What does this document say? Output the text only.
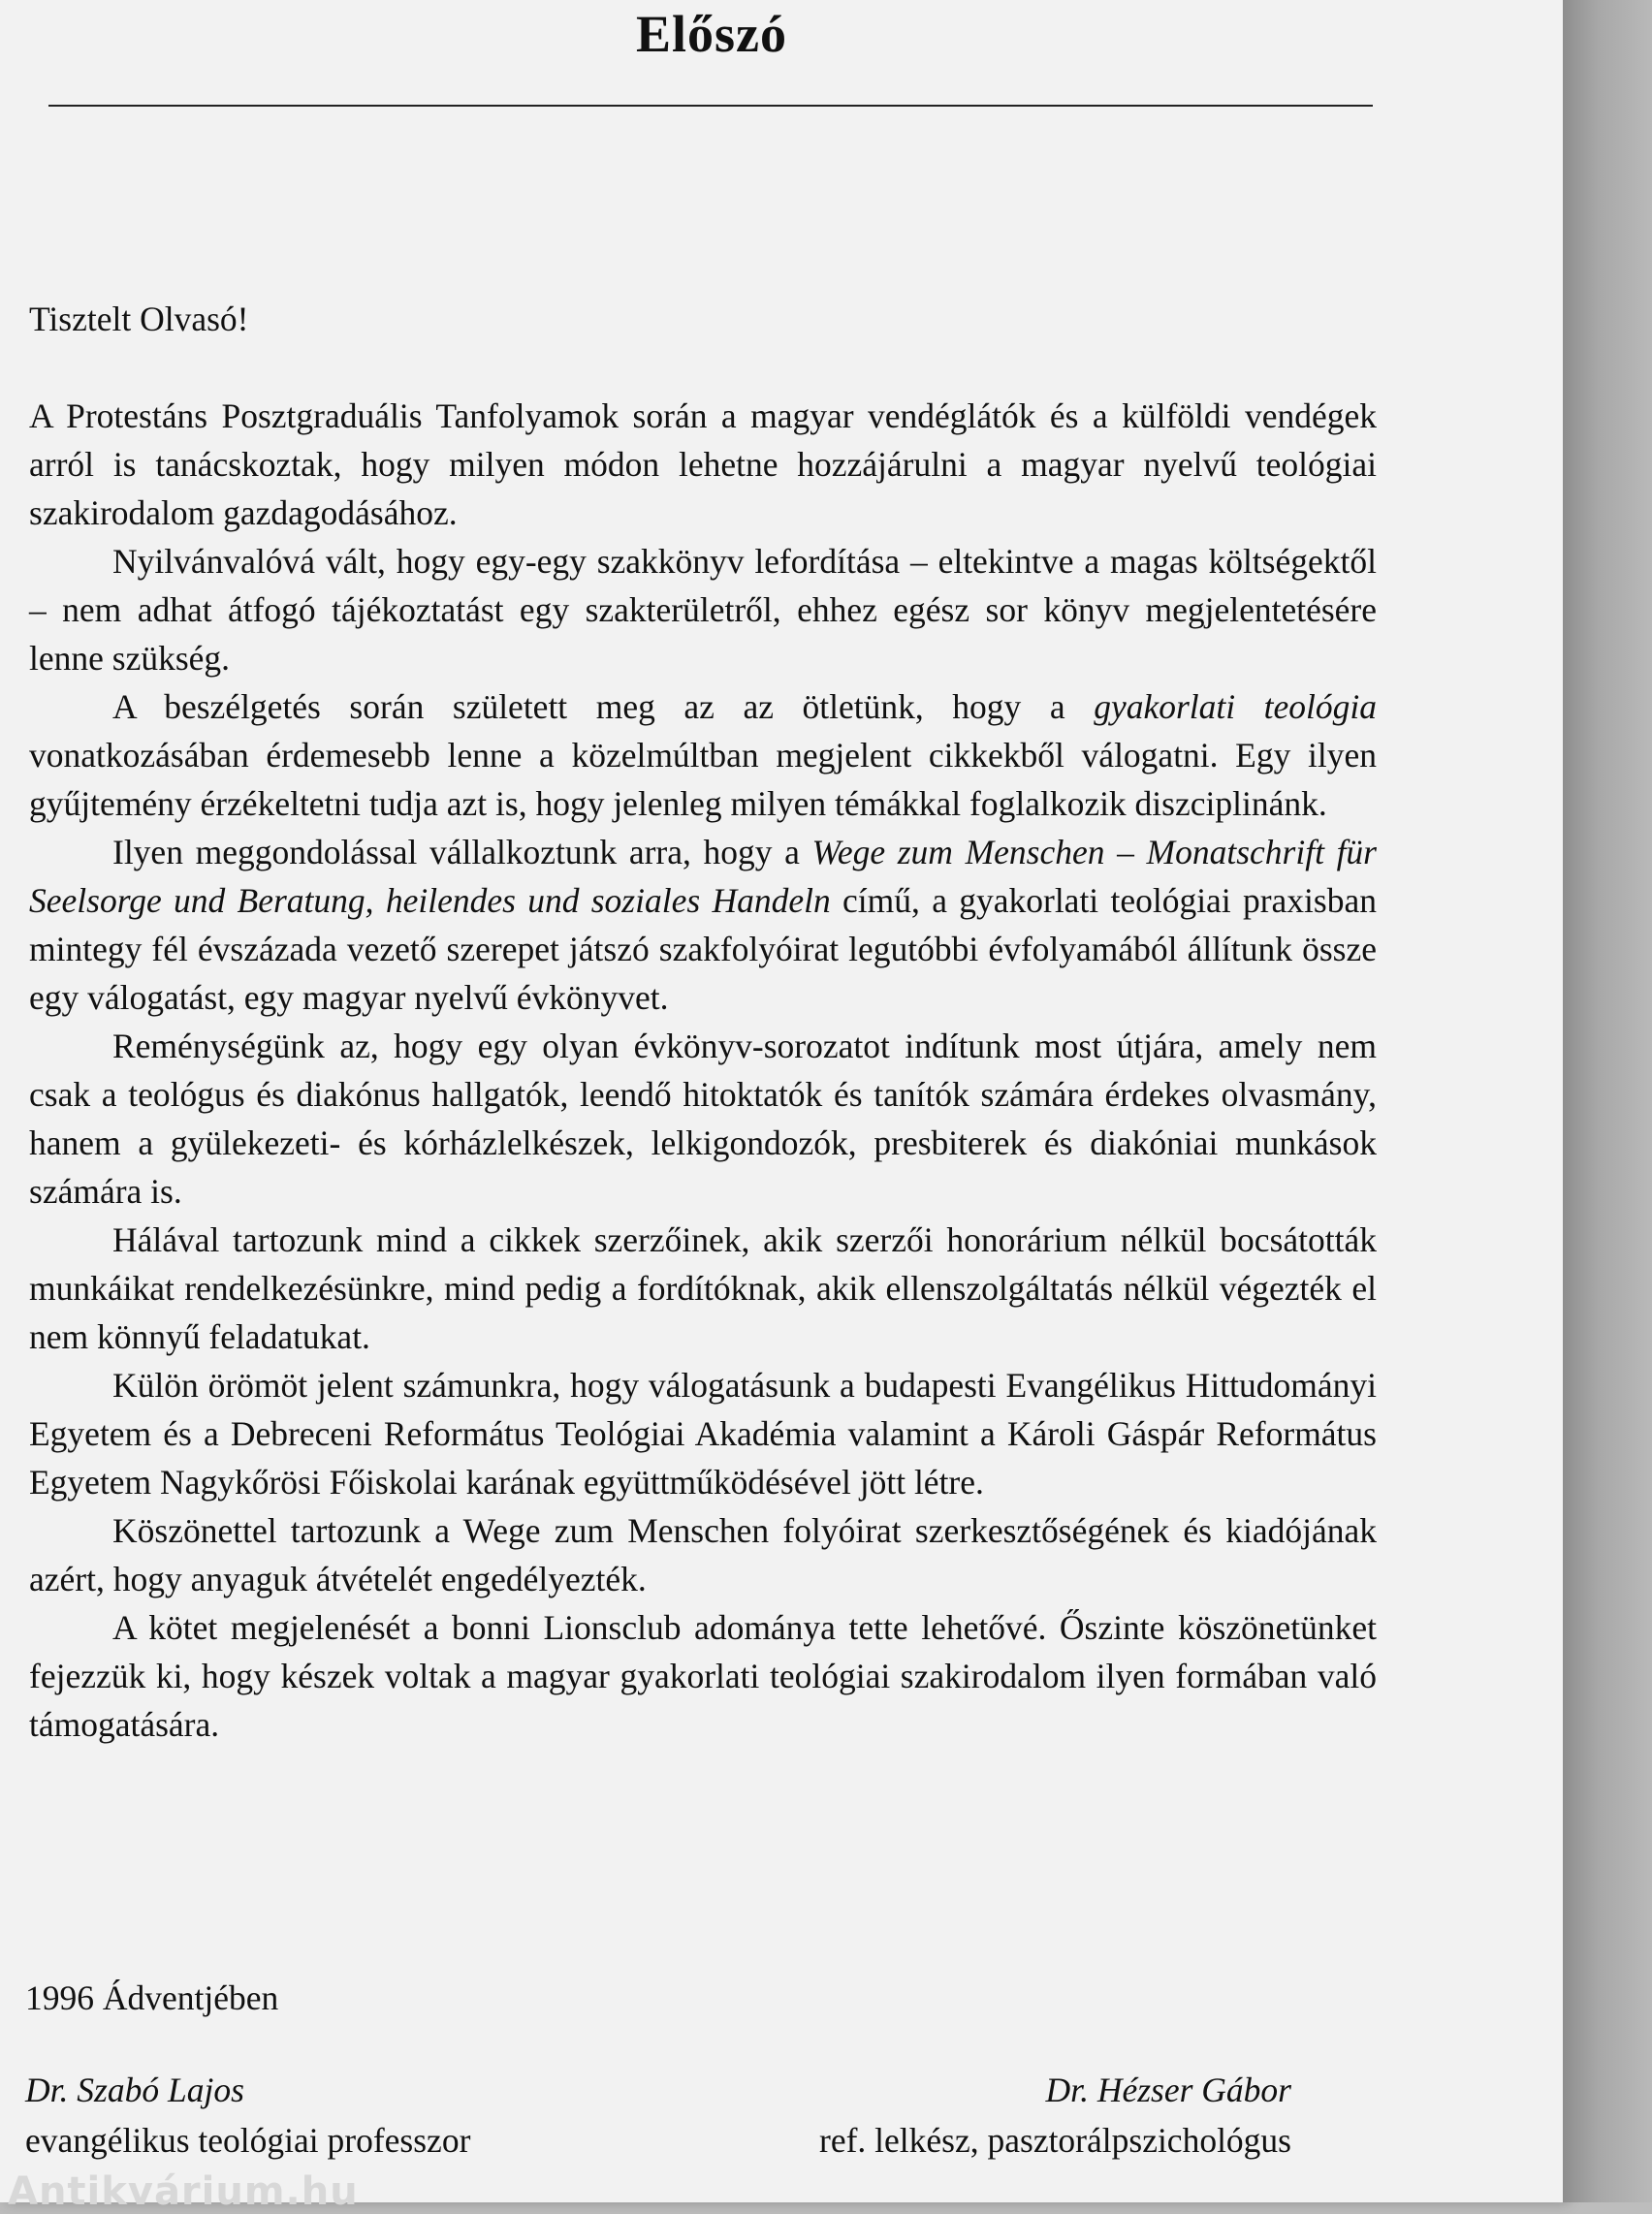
Előszó

Tisztelt Olvasó!

A Protestáns Posztgraduális Tanfolyamok során a magyar vendéglátók és a külföldi vendégek arról is tanácskoztak, hogy milyen módon lehetne hozzájárulni a magyar nyelvű teológiai szakirodalom gazdagodásához.

Nyilvánvalóvá vált, hogy egy-egy szakkönyv lefordítása – eltekintve a magas költségektől – nem adhat átfogó tájékoztatást egy szakterületről, ehhez egész sor könyv megjelentetésére lenne szükség.

A beszélgetés során született meg az az ötletünk, hogy a gyakorlati teológia vonatkozásában érdemesebb lenne a közelmúltban megjelent cikkekből válogatni. Egy ilyen gyűjtemény érzékeltetni tudja azt is, hogy jelenleg milyen témákkal foglalkozik diszciplinánk.

Ilyen meggondolással vállalkoztunk arra, hogy a Wege zum Menschen – Monatschrift für Seelsorge und Beratung, heilendes und soziales Handeln című, a gyakorlati teológiai praxisban mintegy fél évszázada vezető szerepet játszó szakfolyóirat legutóbbi évfolyamából állítunk össze egy válogatást, egy magyar nyelvű évkönyvet.

Reménységünk az, hogy egy olyan évkönyv-sorozatot indítunk most útjára, amely nem csak a teológus és diakónus hallgatók, leendő hitoktatók és tanítók számára érdekes olvasmány, hanem a gyülekezeti- és kórházlelkészek, lelkigondozók, presbiterek és diakóniai munkások számára is.

Hálával tartozunk mind a cikkek szerzőinek, akik szerzői honorárium nélkül bocsátották munkáikat rendelkezésünkre, mind pedig a fordítóknak, akik ellenszolgáltatás nélkül végezték el nem könnyű feladatukat.

Külön örömöt jelent számunkra, hogy válogatásunk a budapesti Evangélikus Hittudományi Egyetem és a Debreceni Református Teológiai Akadémia valamint a Károli Gáspár Református Egyetem Nagykőrösi Főiskolai karának együttműködésével jött létre.

Köszönettel tartozunk a Wege zum Menschen folyóirat szerkesztőségének és kiadójának azért, hogy anyaguk átvételét engedélyezték.

A kötet megjelenését a bonni Lionsclub adománya tette lehetővé. Őszinte köszönetünket fejezzük ki, hogy készek voltak a magyar gyakorlati teológiai szakirodalom ilyen formában való támogatására.

1996 Ádventjében
Dr. Szabó Lajos
evangélikus teológiai professzor
Dr. Hézser Gábor
ref. lelkész, pasztorálpszichológus
Antikvárium.hu
